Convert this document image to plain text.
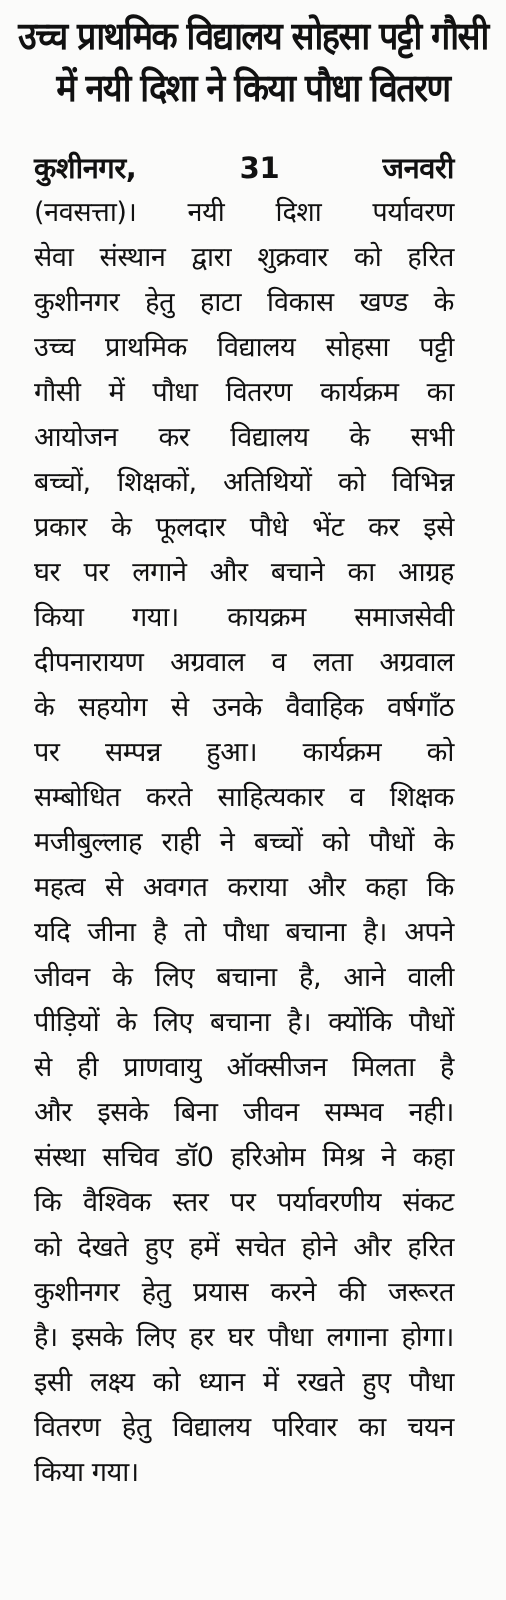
उच्च प्राथमिक विद्यालय सोहसा पट्टी गौसी
में नयी दिशा ने किया पौधा वितरण
कुशीनगर, 31 जनवरी
(नवसत्ता)। नयी दिशा पर्यावरण
सेवा संस्थान द्वारा शुक्रवार को हरित
कुशीनगर हेतु हाटा विकास खण्ड के
उच्च प्राथमिक विद्यालय सोहसा पट्टी
गौसी में पौधा वितरण कार्यक्रम का
आयोजन कर विद्यालय के सभी
बच्चों, शिक्षकों, अतिथियों को विभिन्न
प्रकार के फूलदार पौधे भेंट कर इसे
घर पर लगाने और बचाने का आग्रह
किया गया। कायक्रम समाजसेवी
दीपनारायण अग्रवाल व लता अग्रवाल
के सहयोग से उनके वैवाहिक वर्षगाँठ
पर सम्पन्न हुआ। कार्यक्रम को
सम्बोधित करते साहित्यकार व शिक्षक
मजीबुल्लाह राही ने बच्चों को पौधों के
महत्व से अवगत कराया और कहा कि
यदि जीना है तो पौधा बचाना है। अपने
जीवन के लिए बचाना है, आने वाली
पीड़ियों के लिए बचाना है। क्योंकि पौधों
से ही प्राणवायु ऑक्सीजन मिलता है
और इसके बिना जीवन सम्भव नही।
संस्था सचिव डॉ0 हरिओम मिश्र ने कहा
कि वैश्विक स्तर पर पर्यावरणीय संकट
को देखते हुए हमें सचेत होने और हरित
कुशीनगर हेतु प्रयास करने की जरूरत
है। इसके लिए हर घर पौधा लगाना होगा।
इसी लक्ष्य को ध्यान में रखते हुए पौधा
वितरण हेतु विद्यालय परिवार का चयन
किया गया।
